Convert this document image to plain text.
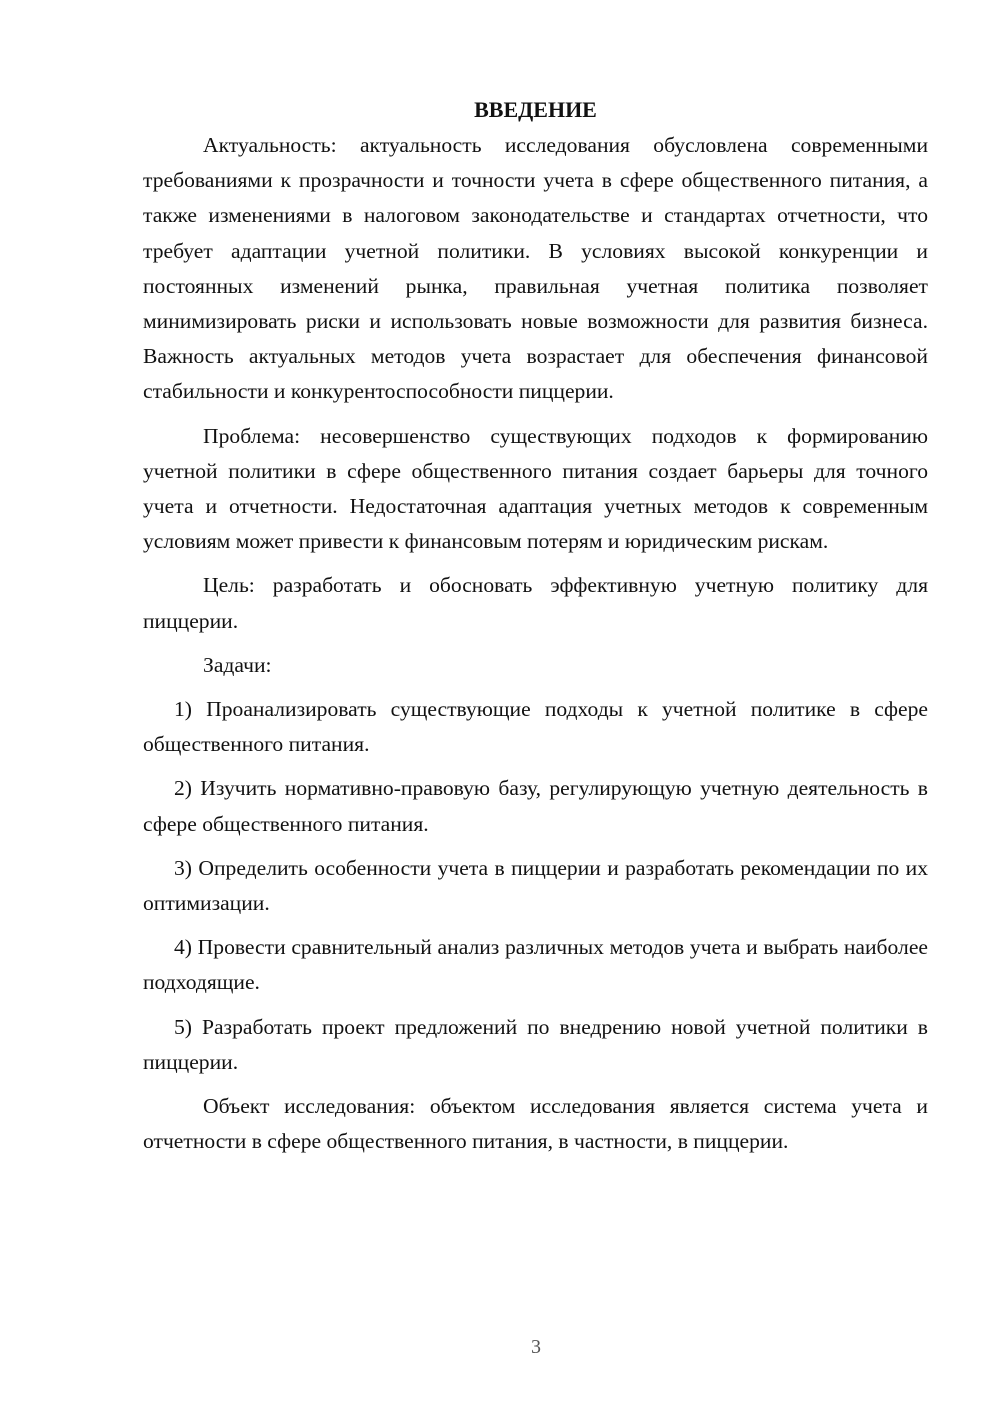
ВВЕДЕНИЕ

Актуальность: актуальность исследования обусловлена современными требованиями к прозрачности и точности учета в сфере общественного питания, а также изменениями в налоговом законодательстве и стандартах отчетности, что требует адаптации учетной политики. В условиях высокой конкуренции и постоянных изменений рынка, правильная учетная политика позволяет минимизировать риски и использовать новые возможности для развития бизнеса. Важность актуальных методов учета возрастает для обеспечения финансовой стабильности и конкурентоспособности пиццерии.

Проблема: несовершенство существующих подходов к формированию учетной политики в сфере общественного питания создает барьеры для точного учета и отчетности. Недостаточная адаптация учетных методов к современным условиям может привести к финансовым потерям и юридическим рискам.

Цель: разработать и обосновать эффективную учетную политику для пиццерии.

Задачи:

1) Проанализировать существующие подходы к учетной политике в сфере общественного питания.

2) Изучить нормативно-правовую базу, регулирующую учетную деятельность в сфере общественного питания.

3) Определить особенности учета в пиццерии и разработать рекомендации по их оптимизации.

4) Провести сравнительный анализ различных методов учета и выбрать наиболее подходящие.

5) Разработать проект предложений по внедрению новой учетной политики в пиццерии.

Объект исследования: объектом исследования является система учета и отчетности в сфере общественного питания, в частности, в пиццерии.

3
